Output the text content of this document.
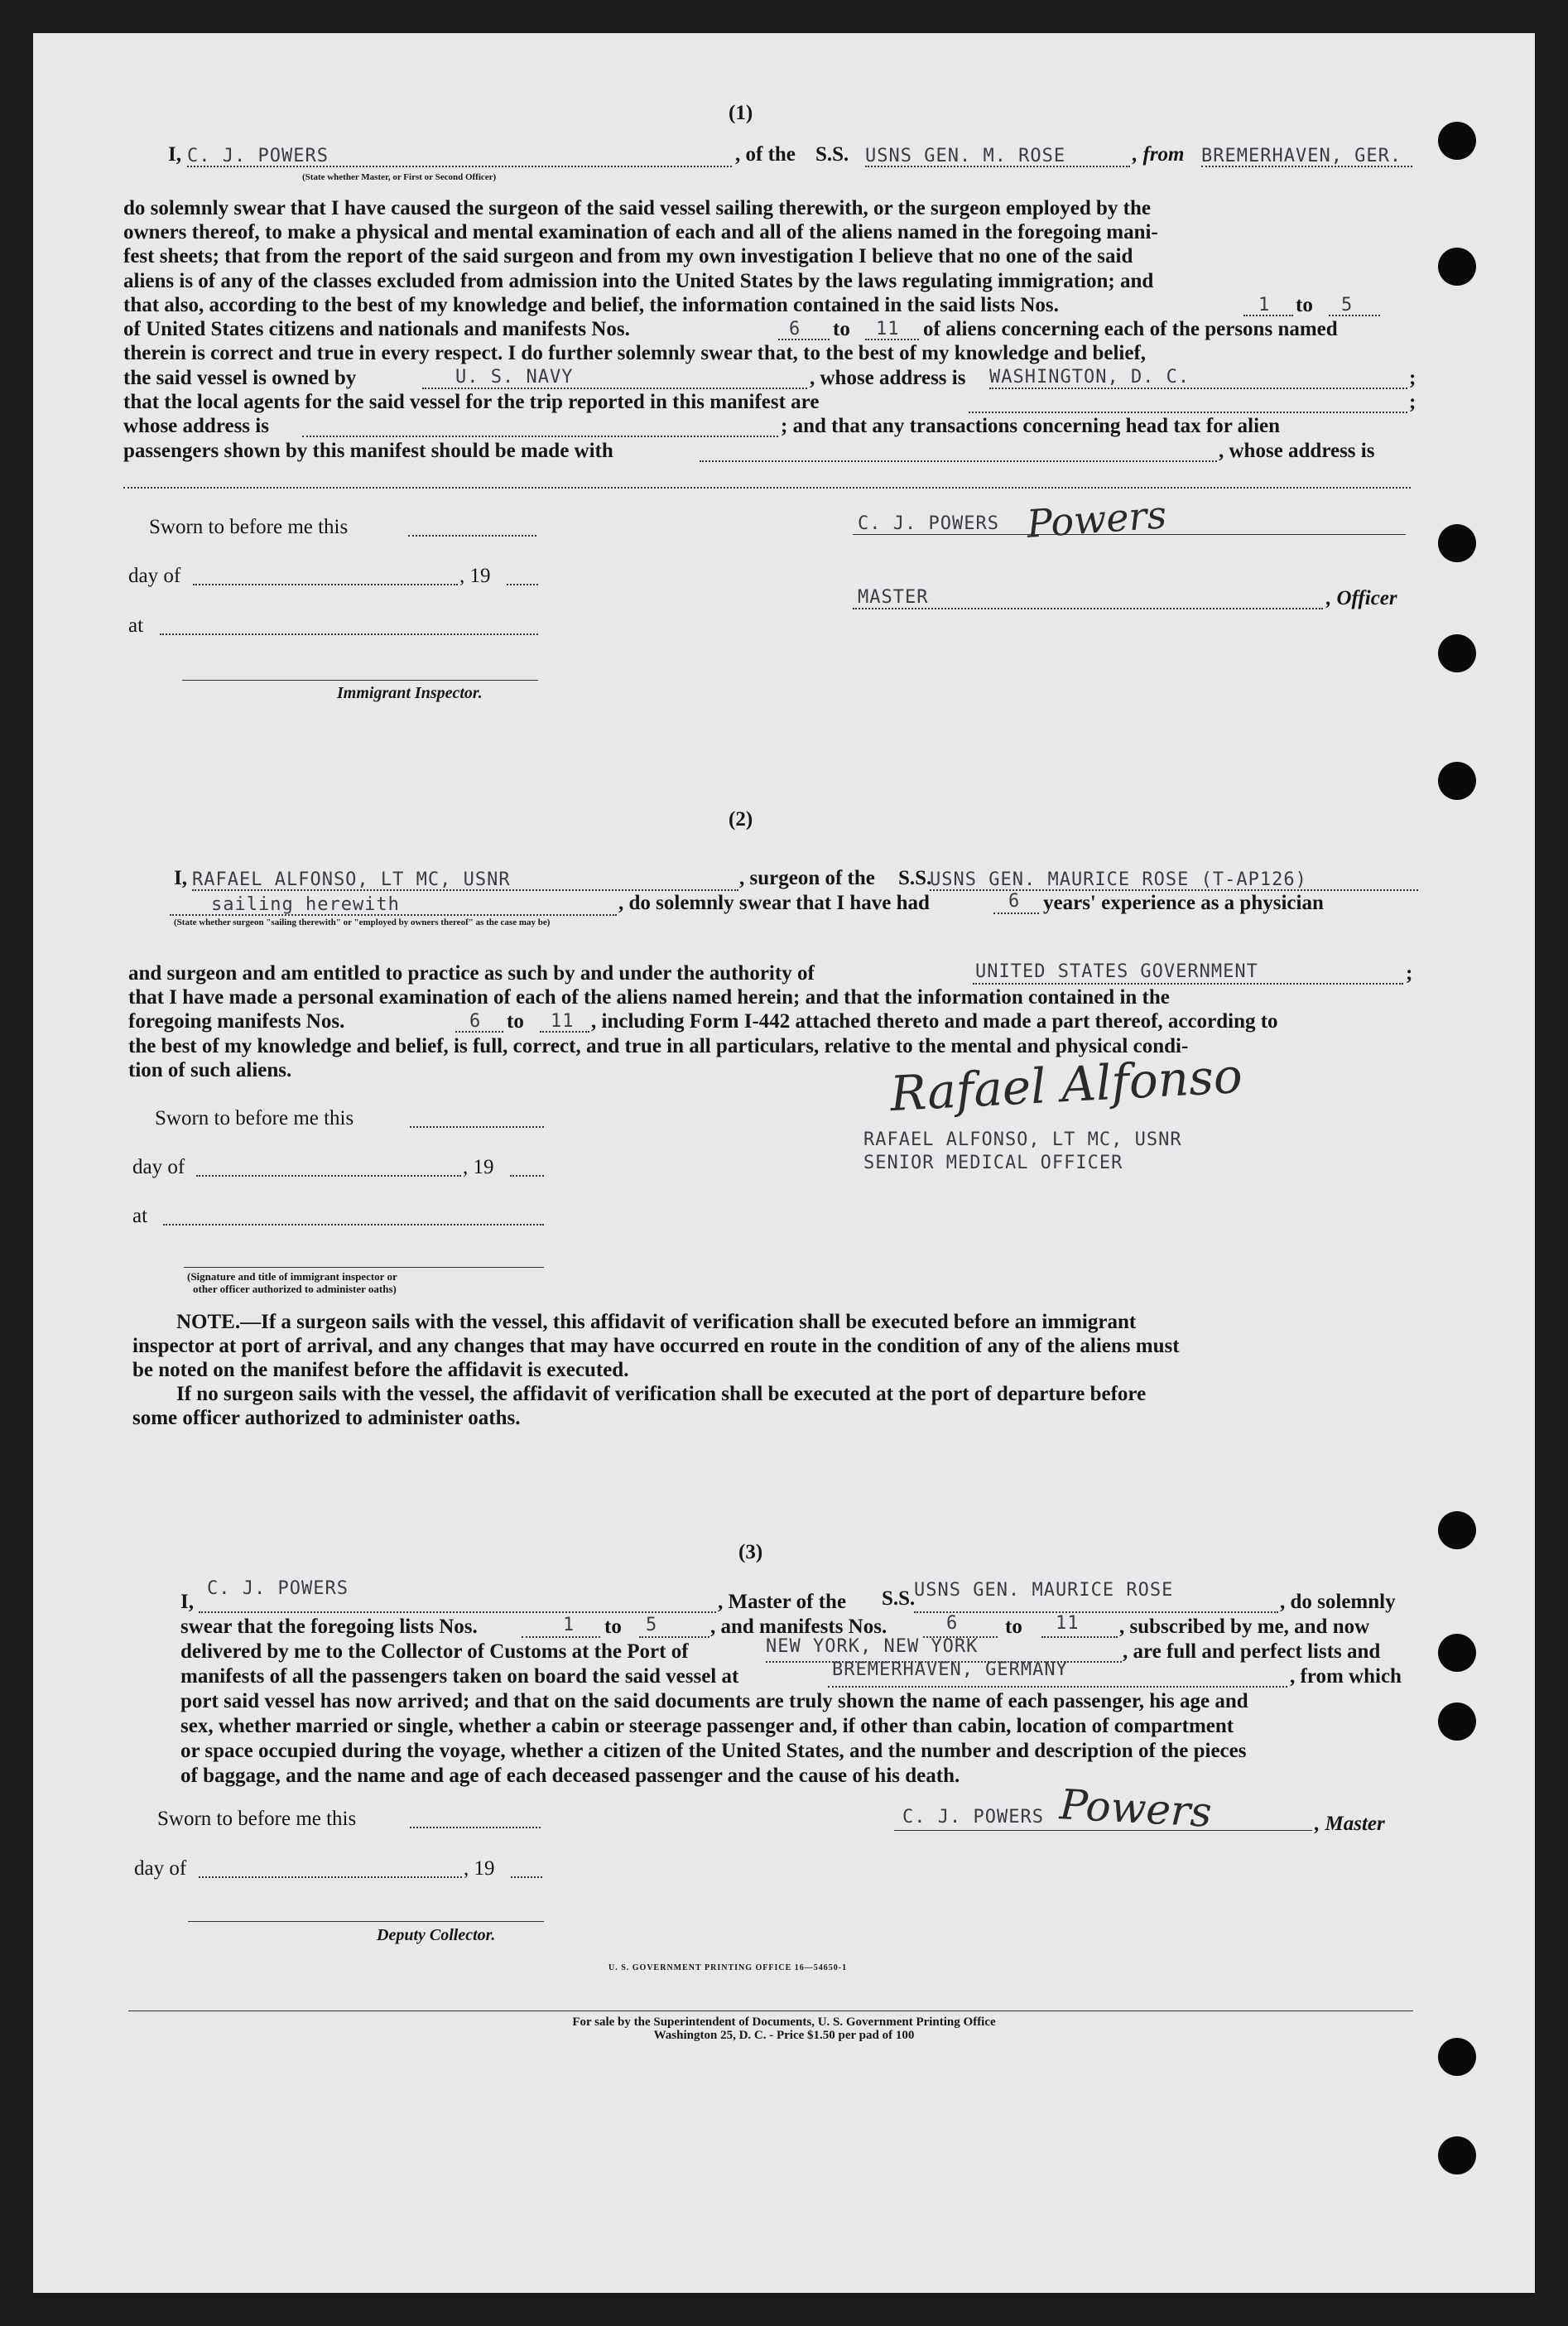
(1)
I, C. J. POWERS	, of the S.S. USNS GEN. M. ROSE	, from BREMERHAVEN, GER.
(State whether Master, or First or Second Officer)
do solemnly swear that I have caused the surgeon of the said vessel sailing therewith, or the surgeon employed by the
owners thereof, to make a physical and mental examination of each and all of the aliens named in the foregoing mani-
fest sheets; that from the report of the said surgeon and from my own investigation I believe that no one of the said
aliens is of any of the classes excluded from admission into the United States by the laws regulating immigration; and
that also, according to the best of my knowledge and belief, the information contained in the said lists Nos.	1 to 5
of United States citizens and nationals and manifests Nos.	6 to 11 of aliens concerning each of the persons named
therein is correct and true in every respect. I do further solemnly swear that, to the best of my knowledge and belief,
the said vessel is owned by	U. S. NAVY	, whose address is WASHINGTON, D. C.	;
that the local agents for the said vessel for the trip reported in this manifest are	;
whose address is	; and that any transactions concerning head tax for alien
passengers shown by this manifest should be made with	, whose address is
Sworn to before me this
day of	, 19
at
Immigrant Inspector.
C. J. POWERS Powers
MASTER	, Officer
(2)
I, RAFAEL ALFONSO, LT MC, USNR	, surgeon of the S.S.
USNS GEN. MAURICE ROSE (T-AP126)
sailing herewith	, do solemnly swear that I have had	6 years' experience as a physician
(State whether surgeon "sailing therewith" or "employed by owners thereof" as the case may be)
and surgeon and am entitled to practice as such by and under the authority of	UNITED STATES GOVERNMENT	;
that I have made a personal examination of each of the aliens named herein; and that the information contained in the
foregoing manifests Nos.	6 to 11 , including Form I-442 attached thereto and made a part thereof, according to
the best of my knowledge and belief, is full, correct, and true in all particulars, relative to the mental and physical condi-
tion of such aliens.
Sworn to before me this
day of	, 19
at
(Signature and title of immigrant inspector or
other officer authorized to administer oaths)
Rafael Alfonso
RAFAEL ALFONSO, LT MC, USNR
SENIOR MEDICAL OFFICER
NOTE.—If a surgeon sails with the vessel, this affidavit of verification shall be executed before an immigrant
inspector at port of arrival, and any changes that may have occurred en route in the condition of any of the aliens must
be noted on the manifest before the affidavit is executed.
If no surgeon sails with the vessel, the affidavit of verification shall be executed at the port of departure before
some officer authorized to administer oaths.
(3)
I,
C. J. POWERS
, Master of the S.S.
USNS GEN. MAURICE ROSE
, do solemnly
swear that the foregoing lists Nos.	1 to 5	, and manifests Nos.	6 to 11 , subscribed by me, and now
delivered by me to the Collector of Customs at the Port of	NEW YORK, NEW YORK	, are full and perfect lists and
manifests of all the passengers taken on board the said vessel at	BREMERHAVEN, GERMANY	, from which
port said vessel has now arrived; and that on the said documents are truly shown the name of each passenger, his age and
sex, whether married or single, whether a cabin or steerage passenger and, if other than cabin, location of compartment
or space occupied during the voyage, whether a citizen of the United States, and the number and description of the pieces
of baggage, and the name and age of each deceased passenger and the cause of his death.
Sworn to before me this
day of	, 19
Deputy Collector.
C. J. POWERS Powers	, Master
U. S. GOVERNMENT PRINTING OFFICE 16—54650-1
For sale by the Superintendent of Documents, U. S. Government Printing Office
Washington 25, D. C. - Price $1.50 per pad of 100
